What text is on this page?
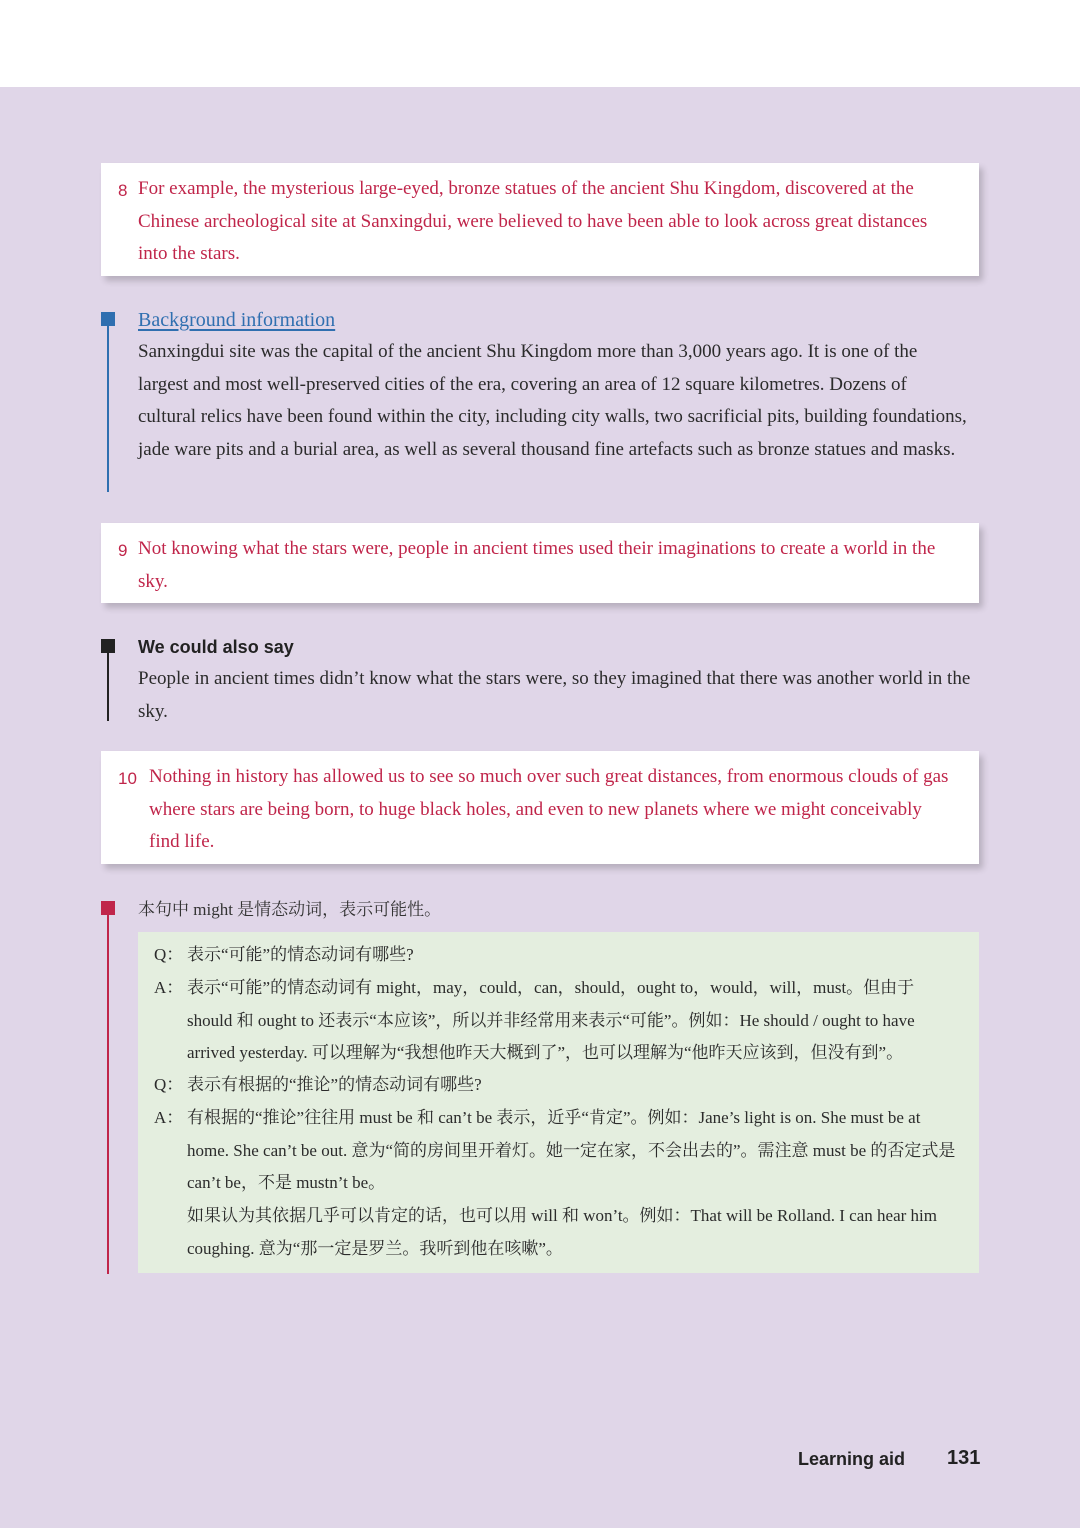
8 For example, the mysterious large-eyed, bronze statues of the ancient Shu Kingdom, discovered at the Chinese archeological site at Sanxingdui, were believed to have been able to look across great distances into the stars.
Background information
Sanxingdui site was the capital of the ancient Shu Kingdom more than 3,000 years ago. It is one of the largest and most well-preserved cities of the era, covering an area of 12 square kilometres. Dozens of cultural relics have been found within the city, including city walls, two sacrificial pits, building foundations, jade ware pits and a burial area, as well as several thousand fine artefacts such as bronze statues and masks.
9 Not knowing what the stars were, people in ancient times used their imaginations to create a world in the sky.
We could also say
People in ancient times didn’t know what the stars were, so they imagined that there was another world in the sky.
10 Nothing in history has allowed us to see so much over such great distances, from enormous clouds of gas where stars are being born, to huge black holes, and even to new planets where we might conceivably find life.
本句中 might 是情态动词，表示可能性。
Q： 表示“可能”的情态动词有哪些?
A： 表示“可能”的情态动词有 might，may，could，can，should，ought to，would，will，must。但由于 should 和 ought to 还表示“本应该”，所以并非经常用来表示“可能”。例如：He should / ought to have arrived yesterday. 可以理解为“我想他昨天大概到了”，也可以理解为“他昨天应该到，但没有到”。
Q： 表示有根据的“推论”的情态动词有哪些?
A： 有根据的“推论”往往用 must be 和 can’t be 表示，近乎“肯定”。例如：Jane’s light is on. She must be at home. She can’t be out. 意为“简的房间里开着灯。她一定在家，不会出去的”。需注意 must be 的否定式是 can’t be，不是 mustn’t be。
如果认为其依据几乎可以肯定的话，也可以用 will 和 won’t。例如：That will be Rolland. I can hear him coughing. 意为“那一定是罗兰。我听到他在咳嗽”。
Learning aid 131
